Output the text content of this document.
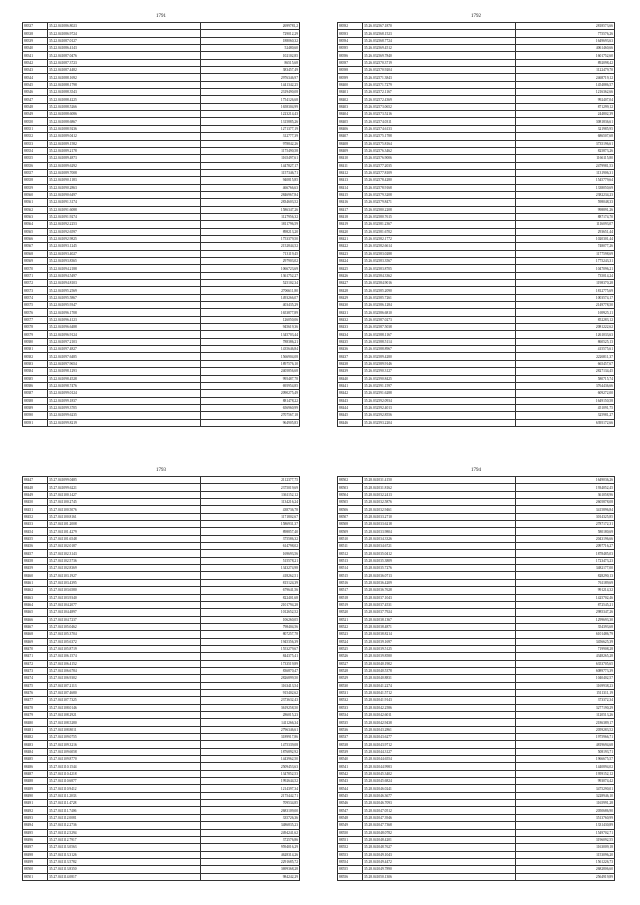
1791
88337	35.22.041086.8023	2699781,2
88338	35.22.041086.9724	729012,29
88339	35.22.041087.0127	188060,32
88340	35.22.041086.4143	52480,60
88341	35.22.041087.0476	102102,85
88342	35.22.041087.3723	86515,68
88343	35.22.041087.4482	383457,49
88344	35.22.041088.1692	2976346,97
88345	35.22.041088.1798	1441342,25
88346	35.22.041088.3543	2319490,08
88347	35.22.041088.4225	1754126,68
88348	35.22.041088.5266	1658304,99
88349	35.22.041088.6086	1223214,43
88350	35.22.041088.6867	1315885,26
88351	35.22.041088.9236	1271377,19
88352	35.22.041089.0412	312777,39
88353	35.22.041089.1582	978842,26
88354	35.22.041089.2178	1175490,58
88355	35.22.041089.4873	1165497,61
88356	35.22.041089.6292	1447827,17
88357	35.22.041089.7008	1157346,71
88358	35.22.041090.1183	940815,85
88359	35.22.041090.2863	466766,63
88360	35.22.041090.6497	2846967,84
88361	35.22.041091.3174	2834603,52
88362	35.22.041091.6088	1586347,26
88363	35.22.041091.9274	1127956,32
88364	35.22.041092.2253	1811796,59
88365	35.22.041092.6597	898213,20
88366	35.22.041092.9825	1753379,50
88367	35.22.041093.1245	2152844,52
88368	35.22.041093.4027	713119,45
88369	35.22.041093.8365	297903,02
88370	35.22.041094.2188	1066723,69
88371	35.22.041094.5497	1361752,27
88372	35.22.041094.8103	525102,34
88373	35.22.041095.2569	2706611,80
88374	35.22.041095.5867	1493266,07
88375	35.22.041095.9347	403435,29
88376	35.22.041096.1708	1653877,89
88377	35.22.041096.4123	126050,06
88378	35.22.041096.6488	945619,36
88379	35.22.041096.9124	1345703,44
88380	35.22.041097.2103	788386,21
88381	35.22.041097.4827	1435646,84
88382	35.22.041097.6485	1566904,08
88383	35.22.041097.9654	1897576,10
88384	35.22.041098.1293	2405856,68
88385	35.22.041098.4528	995487,78
88386	35.22.041098.7476	695954,85
88387	35.22.041099.0124	2090275,49
88388	35.22.041099.1837	881478,22
88389	35.22.041099.3705	656960,99
88390	35.22.041099.6235	2707567,18
88391	35.22.041099.8219	964905,83
1792
88392	35.26.032567.1870	2818573,66
88393	35.26.032568.1523	775576,26
88394	35.26.032568.7724	1649693,63
88395	35.26.032569.4512	4061460,66
88396	35.26.032569.7840	1601752,60
88397	35.26.032570.3719	892098,42
88398	35.26.032570.9204	1122479,70
88399	35.26.032571.3843	2468719,12
88400	35.26.032571.7279	1454886,57
88401	35.26.032572.1167	1216362,66
88402	35.26.032572.4369	992407,04
88403	35.26.032573.0652	871299,12
88404	35.26.032573.5216	244802,39
88405	35.26.032574.0311	3081836,61
88406	35.26.032574.6133	321985,95
88407	35.26.032575.1788	686507,68
88408	35.26.032575.8164	3735196,61
88409	35.26.032576.3462	825873,26
88410	35.26.032576.9006	1166115,80
88411	35.26.032577.2035	2479981,53
88412	35.26.032577.8109	1131906,31
88413	35.26.032578.4280	1545779,64
88414	35.26.032578.9168	1338050,69
88415	35.26.032579.3208	2382234,23
88416	35.26.032579.8471	598048,33
88417	35.26.032580.2208	998891,26
88418	35.26.032580.7615	887174,70
88419	35.26.032581.2367	1116093,07
88420	35.26.032581.6702	293651,44
88421	35.26.032582.1772	1020301,44
88422	35.26.032582.6614	748077,26
88423	35.26.032583.0288	1177598,69
88424	35.26.032583.3567	1775243,31
88425	35.26.032583.8705	1047096,21
88426	35.26.032584.3362	735014,24
88427	35.26.032584.9016	1198370,28
88428	35.26.032585.2090	1812775,69
88429	35.26.032585.7261	1003574,17
88430	35.26.032586.1284	2149778,50
88431	35.26.032586.6810	169925,11
88432	35.26.032587.0273	852283,12
88433	35.26.032587.5038	2081222,62
88434	35.26.032588.1167	1261033,63
88435	35.26.032588.5114	860525,13
88436	35.26.032588.8967	415575,61
88437	35.26.032589.4280	2226811,37
88438	35.26.032589.9146	665457,67
88439	35.26.032590.3127	2827134,45
88440	35.26.032590.8425	580715,74
88441	35.26.032591.1597	3764436,66
88442	35.26.032591.6288	609272,00
88443	35.26.032592.0934	1649150,58
88444	35.26.032592.4013	451091,75
88445	35.26.032592.8556	325981,27
88446	35.26.032593.2204	6395172,66
1793
88447	35.27.041099.0485	2112377,75
88448	35.27.041099.6221	2375019,69
88449	35.27.041100.1427	1361152,12
88450	35.27.041100.2745	1134216,24
88451	35.27.041100.5076	438736,78
88452	35.27.041100.8161	1171802,67
88453	35.27.041101.2008	1586931,37
88454	35.27.041101.4279	898857,40
88455	35.27.041101.6548	375586,32
88456	35.27.041102.0187	614798,02
88457	35.27.041102.3143	169693,56
88458	35.27.041102.5736	515578,21
88459	35.27.041102.8369	1343274,98
88460	35.27.041103.1927	418262,51
88461	35.27.041103.4395	815124,39
88462	35.27.041103.6580	679641,56
88463	35.27.041103.9340	822401,68
88464	35.27.041104.2077	2101794,28
88465	35.27.041104.4897	1012652,52
88466	35.27.041104.7237	106260,05
88467	35.27.041105.0462	798404,56
88468	35.27.041105.3704	807257,78
88469	35.27.041105.6372	1945356,39
88470	35.27.041105.8719	1553279,67
88471	35.27.041106.1574	844375,41
88472	35.27.041106.4152	1733519,89
88473	35.27.041106.6784	836870,47
88474	35.27.041106.9302	2826899,50
88475	35.27.041107.2113	1163413,54
88476	35.27.041107.4680	915402,62
88477	35.27.041107.7325	2373632,43
88478	35.27.041108.0146	3619258,50
88479	35.27.041108.2921	286015,23
88480	35.27.041108.5280	1411266,34
88481	35.27.041108.8011	2796346,61
88482	35.27.041109.0755	3189917,86
88483	35.27.041109.3216	1475339,08
88484	35.27.041109.6058	1876892,92
88485	35.27.041109.8770	1443962,50
88486	35.27.041110.1544	2509453,63
88487	35.27.041110.4218	1347852,53
88488	35.27.041110.6877	1992644,52
88489	35.27.041110.9412	1214397,34
88490	35.27.041111.2033	2175442,71
88491	35.27.041111.4728	709534,85
88492	35.27.041111.7406	2683109,00
88493	35.27.041112.0081	335726,36
88494	35.27.041112.2736	3486835,23
88495	35.27.041112.5294	2494241,62
88496	35.27.041112.7917	372576,86
88497	35.27.041113.0563	9594016,29
88498	35.27.041113.3126	4628314,26
88499	35.27.041113.5782	2291685,72
88500	35.27.041113.8350	3699368,28
88501	35.27.041114.0817	984242,29
1794
88502	35.28.041031.4150	1649036,26
88503	35.28.041031.8162	1934052,45
88504	35.28.041032.2413	361058,96
88505	35.28.041032.5876	2605878,08
88506	35.28.041032.9461	3415896,84
88507	35.28.041033.2710	3014325,85
88508	35.28.041033.6218	2787172,31
88509	35.28.041033.9804	580180,69
88510	35.28.041034.3326	2043196,66
88511	35.28.041034.6721	2097716,27
88512	35.28.041035.0412	1878485,03
88513	35.28.041035.3809	1723473,23
88514	35.28.041035.7276	3482177,00
88515	35.28.041036.0713	828290,13
88516	35.28.041036.4209	761189,69
88517	35.28.041036.7628	991214,32
88518	35.28.041037.1043	1425702,46
88519	35.28.041037.4531	872545,21
88520	35.28.041037.7924	2985347,26
88521	35.28.041038.1367	1299693,30
88522	35.28.041038.4871	354393,68
88523	35.28.041038.8214	6101486,79
88524	35.28.041039.1697	3456625,39
88525	35.28.041039.5125	719908,28
88526	35.28.041039.8580	4348265,28
88527	35.28.041040.1902	6353705,65
88528	35.28.041040.5378	6089773,39
88529	35.28.041040.8831	1040402,57
88530	35.28.041041.2274	1169938,23
88531	35.28.041041.5712	1511311,19
88532	35.28.041041.9143	373372,34
88533	35.28.041042.2586	3277190,29
88534	35.28.041042.6011	1120513,26
88535	35.28.041042.9438	2186389,17
88536	35.28.041043.2861	2059283,52
88537	35.28.041043.6277	1975966,71
88538	35.28.041043.9712	4819694,68
88539	35.28.041044.3127	508193,71
88540	35.28.041044.6554	1966675,57
88541	35.28.041044.9983	1440894,02
88542	35.28.041045.3402	1959152,12
88543	35.28.041045.6824	993074,42
88544	35.28.041046.0241	3475290,01
88545	35.28.041046.3677	3228946,10
88546	35.28.041046.7093	1165991,28
88547	35.28.041047.0512	2050686,90
88548	35.28.041047.3946	3513760,99
88549	35.28.041047.7368	1331430,89
88550	35.28.041048.0782	1549702,71
88551	35.28.041048.4201	3196092,55
88552	35.28.041048.7627	1163009,18
88553	35.28.041049.1043	1153096,20
88554	35.28.041049.4472	1561226,73
88555	35.28.041049.7890	2682806,60
88556	35.28.041050.1306	2564919,89
